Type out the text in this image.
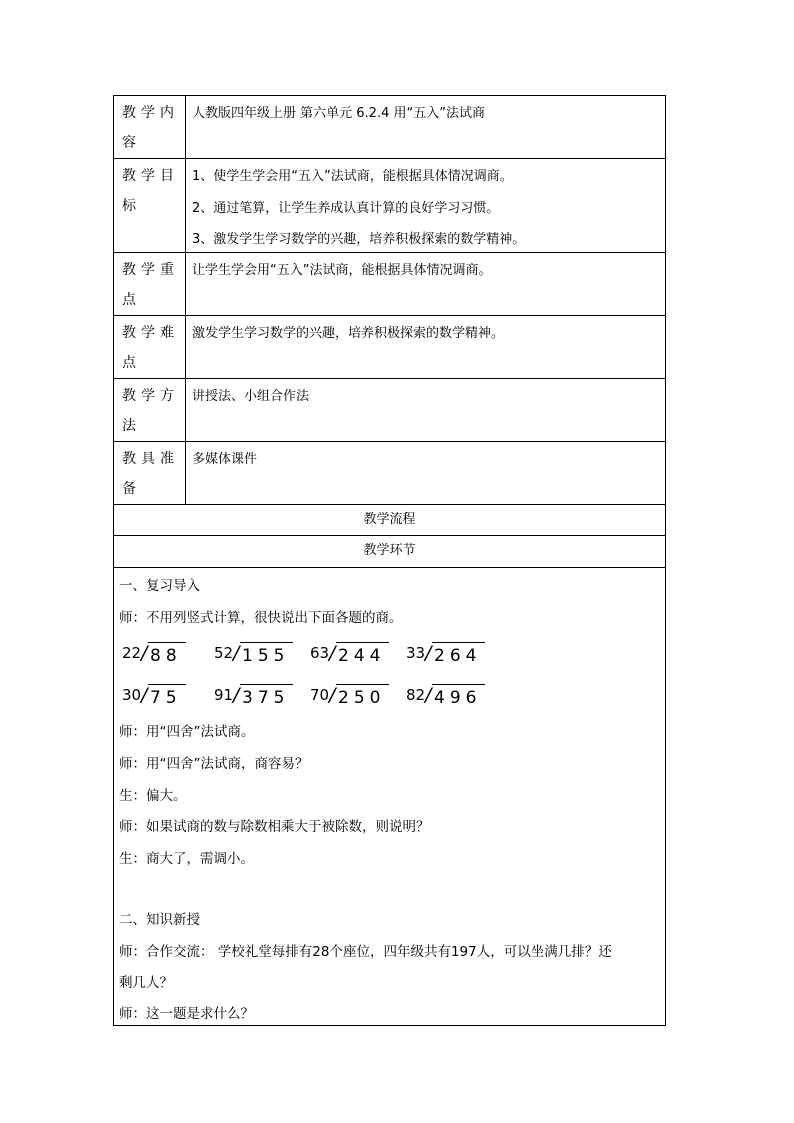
教学内
容
人教版四年级上册 第六单元 6.2.4 用“五入”法试商
教学目
标
1、使学生学会用“五入”法试商，能根据具体情况调商。
2、通过笔算，让学生养成认真计算的良好学习习惯。
3、激发学生学习数学的兴趣，培养积极探索的数学精神。
教学重
点
让学生学会用“五入”法试商，能根据具体情况调商。
教学难
点
激发学生学习数学的兴趣，培养积极探索的数学精神。
教学方
法
讲授法、小组合作法
教具准
备
多媒体课件
教学流程
教学环节
一、复习导入
师：不用列竖式计算，很快说出下面各题的商。
22 / 88 52 / 155 63 / 244 33 / 264
30 / 75 91 / 375 70 / 250 82 / 496
师：用“四舍”法试商。
师：用“四舍”法试商，商容易？
生：偏大。
师：如果试商的数与除数相乘大于被除数，则说明？
生：商大了，需调小。
二、知识新授
师：合作交流： 学校礼堂每排有28个座位，四年级共有197人，可以坐满几排？还
剩几人？
师：这一题是求什么？
